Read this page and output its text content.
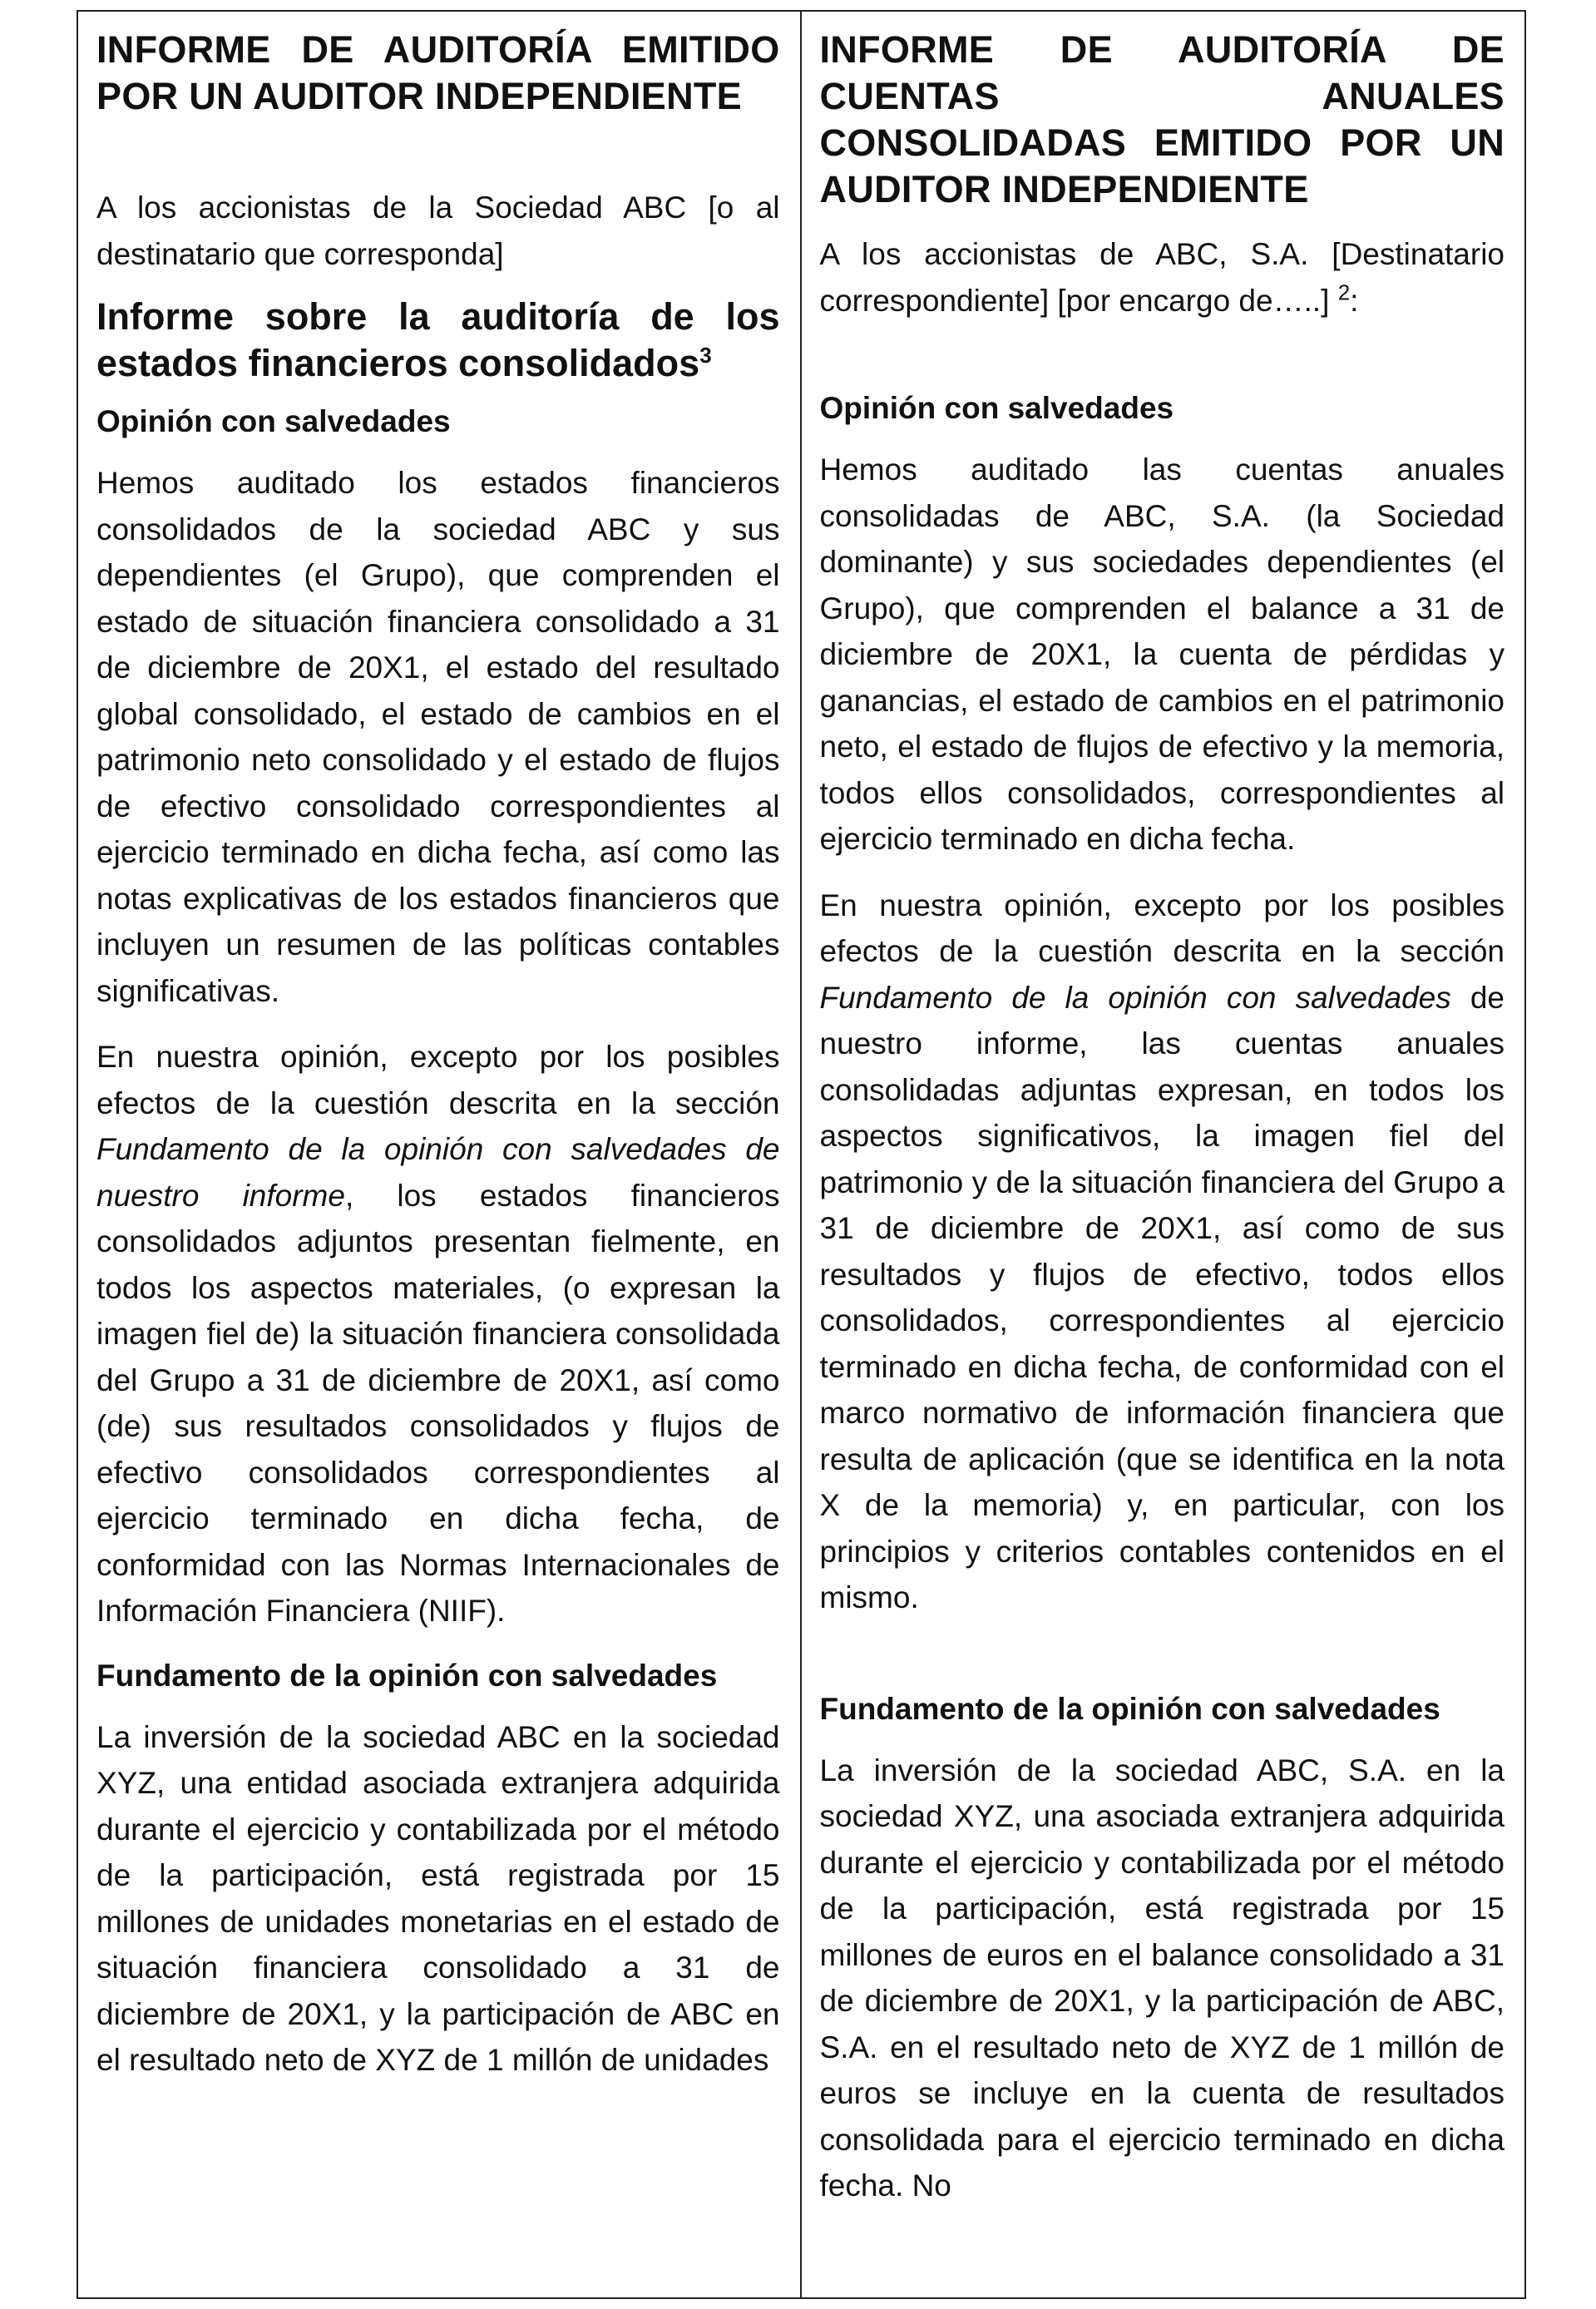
INFORME DE AUDITORÍA EMITIDO POR UN AUDITOR INDEPENDIENTE

A los accionistas de la Sociedad ABC [o al destinatario que corresponda]

Informe sobre la auditoría de los estados financieros consolidados$^3$
Opinión con salvedades

Hemos auditado los estados financieros consolidados de la sociedad ABC y sus dependientes (el Grupo), que comprenden el estado de situación financiera consolidado a 31 de diciembre de 20X1, el estado del resultado global consolidado, el estado de cambios en el patrimonio neto consolidado y el estado de flujos de efectivo consolidado correspondientes al ejercicio terminado en dicha fecha, así como las notas explicativas de los estados financieros que incluyen un resumen de las políticas contables significativas.

En nuestra opinión, excepto por los posibles efectos de la cuestión descrita en la sección Fundamento de la opinión con salvedades de nuestro informe, los estados financieros consolidados adjuntos presentan fielmente, en todos los aspectos materiales, (o expresan la imagen fiel de) la situación financiera consolidada del Grupo a 31 de diciembre de 20X1, así como (de) sus resultados consolidados y flujos de efectivo consolidados correspondientes al ejercicio terminado en dicha fecha, de conformidad con las Normas Internacionales de Información Financiera (NIIF).

Fundamento de la opinión con salvedades

La inversión de la sociedad ABC en la sociedad XYZ, una entidad asociada extranjera adquirida durante el ejercicio y contabilizada por el método de la participación, está registrada por 15 millones de unidades monetarias en el estado de situación financiera consolidado a 31 de diciembre de 20X1, y la participación de ABC en el resultado neto de XYZ de 1 millón de unidades

INFORME DE AUDITORÍA DE CUENTAS ANUALES CONSOLIDADAS EMITIDO POR UN AUDITOR INDEPENDIENTE

A los accionistas de ABC, S.A. [Destinatario correspondiente] [por encargo de…..] $^2$:

Opinión con salvedades

Hemos auditado las cuentas anuales consolidadas de ABC, S.A. (la Sociedad dominante) y sus sociedades dependientes (el Grupo), que comprenden el balance a 31 de diciembre de 20X1, la cuenta de pérdidas y ganancias, el estado de cambios en el patrimonio neto, el estado de flujos de efectivo y la memoria, todos ellos consolidados, correspondientes al ejercicio terminado en dicha fecha.

En nuestra opinión, excepto por los posibles efectos de la cuestión descrita en la sección Fundamento de la opinión con salvedades de nuestro informe, las cuentas anuales consolidadas adjuntas expresan, en todos los aspectos significativos, la imagen fiel del patrimonio y de la situación financiera del Grupo a 31 de diciembre de 20X1, así como de sus resultados y flujos de efectivo, todos ellos consolidados, correspondientes al ejercicio terminado en dicha fecha, de conformidad con el marco normativo de información financiera que resulta de aplicación (que se identifica en la nota X de la memoria) y, en particular, con los principios y criterios contables contenidos en el mismo.

Fundamento de la opinión con salvedades

La inversión de la sociedad ABC, S.A. en la sociedad XYZ, una asociada extranjera adquirida durante el ejercicio y contabilizada por el método de la participación, está registrada por 15 millones de euros en el balance consolidado a 31 de diciembre de 20X1, y la participación de ABC, S.A. en el resultado neto de XYZ de 1 millón de euros se incluye en la cuenta de resultados consolidada para el ejercicio terminado en dicha fecha. No
